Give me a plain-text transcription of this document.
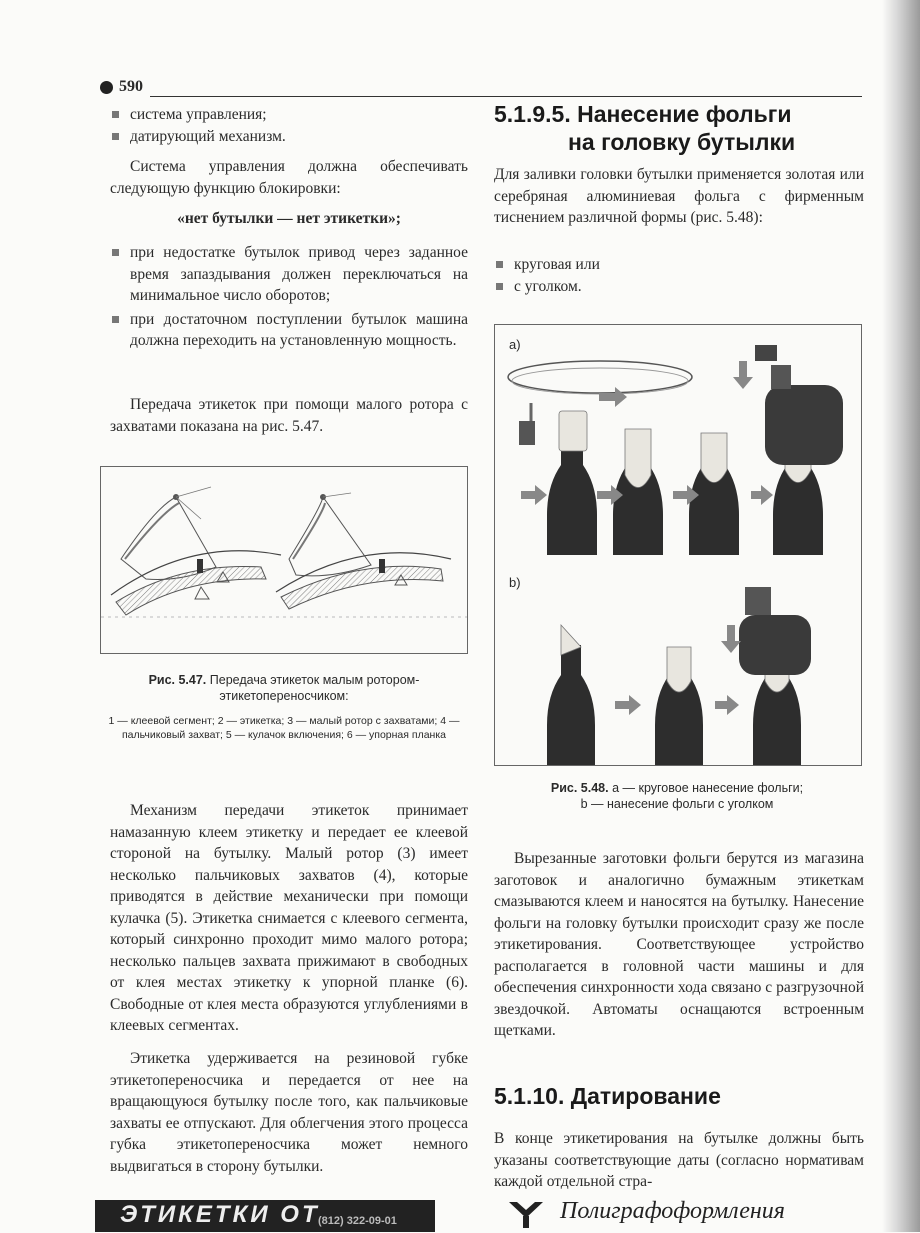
590
система управления;
датирующий механизм.

Система управления должна обеспечивать следующую функцию блокировки:

«нет бутылки — нет этикетки»;

при недостатке бутылок привод через заданное время запаздывания должен переключаться на минимальное число оборотов;
при достаточном поступлении бутылок машина должна переходить на установленную мощность.

Передача этикеток при помощи малого ротора с захватами показана на рис. 5.47.

Рис. 5.47. Передача этикеток малым ротором-этикетопереносчиком:
1 — клеевой сегмент; 2 — этикетка; 3 — малый ротор с захватами; 4 — пальчиковый захват; 5 — кулачок включения; 6 — упорная планка

Механизм передачи этикеток принимает намазанную клеем этикетку и передает ее клеевой стороной на бутылку. Малый ротор (3) имеет несколько пальчиковых захватов (4), которые приводятся в действие механически при помощи кулачка (5). Этикетка снимается с клеевого сегмента, который синхронно проходит мимо малого ротора; несколько пальцев захвата прижимают в свободных от клея местах этикетку к упорной планке (6). Свободные от клея места образуются углублениями в клеевых сегментах.

Этикетка удерживается на резиновой губке этикетопереносчика и передается от нее на вращающуюся бутылку после того, как пальчиковые захваты ее отпускают. Для облегчения этого процесса губка этикетопереносчика может немного выдвигаться в сторону бутылки.

5.1.9.5. Нанесение фольги
на головку бутылки

Для заливки головки бутылки применяется золотая или серебряная алюминиевая фольга с фирменным тиснением различной формы (рис. 5.48):

круговая или
с уголком.
a)
b)
Рис. 5.48. а — круговое нанесение фольги;
b — нанесение фольги с уголком

Вырезанные заготовки фольги берутся из магазина заготовок и аналогично бумажным этикеткам смазываются клеем и наносятся на бутылку. Нанесение фольги на головку бутылки происходит сразу же после этикетирования. Соответствующее устройство располагается в головной части машины и для обеспечения синхронности хода связано с разгрузочной звездочкой. Автоматы оснащаются встроенным щетками.

5.1.10. Датирование

В конце этикетирования на бутылке должны быть указаны соответствующие даты (согласно нормативам каждой отдельной стра-

ЭТИКЕТКИ ОТ
(812) 322-09-01	Полиграфоформления
